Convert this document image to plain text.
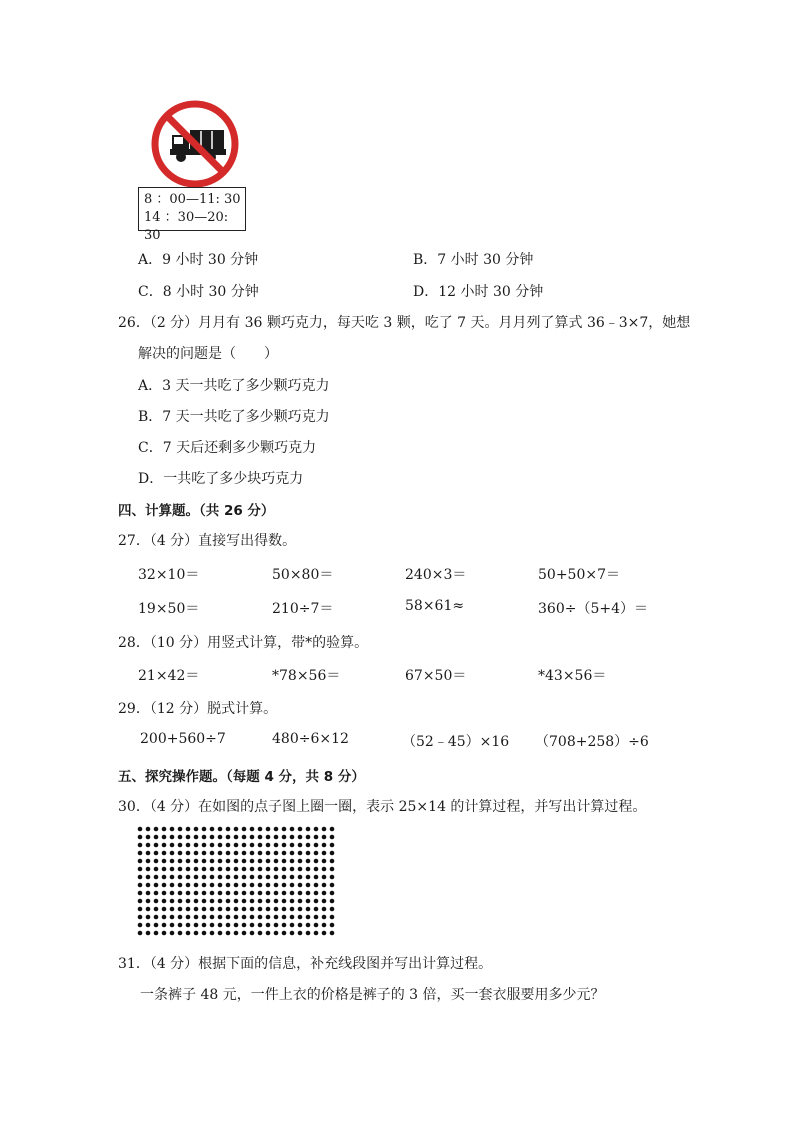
8 ：00—11: 30
14 ：30—20: 30
A．9 小时 30 分钟	B．7 小时 30 分钟
C．8 小时 30 分钟	D．12 小时 30 分钟
26．（2 分）月月有 36 颗巧克力，每天吃 3 颗，吃了 7 天。月月列了算式 36﹣3×7，她想
解决的问题是（　　）
A．3 天一共吃了多少颗巧克力
B．7 天一共吃了多少颗巧克力
C．7 天后还剩多少颗巧克力
D．一共吃了多少块巧克力
四、计算题。（共 26 分）
27．（4 分）直接写出得数。
32×10＝	50×80＝	240×3＝	50+50×7＝
19×50＝	210÷7＝	58×61≈	360÷（5+4）＝
28．（10 分）用竖式计算，带*的验算。
21×42＝	*78×56＝	67×50＝	*43×56＝
29．（12 分）脱式计算。
200+560÷7	480÷6×12	（52﹣45）×16 （708+258）÷6
五、探究操作题。（每题 4 分，共 8 分）
30．（4 分）在如图的点子图上圈一圈，表示 25×14 的计算过程，并写出计算过程。
31．（4 分）根据下面的信息，补充线段图并写出计算过程。
一条裤子 48 元，一件上衣的价格是裤子的 3 倍，买一套衣服要用多少元？
